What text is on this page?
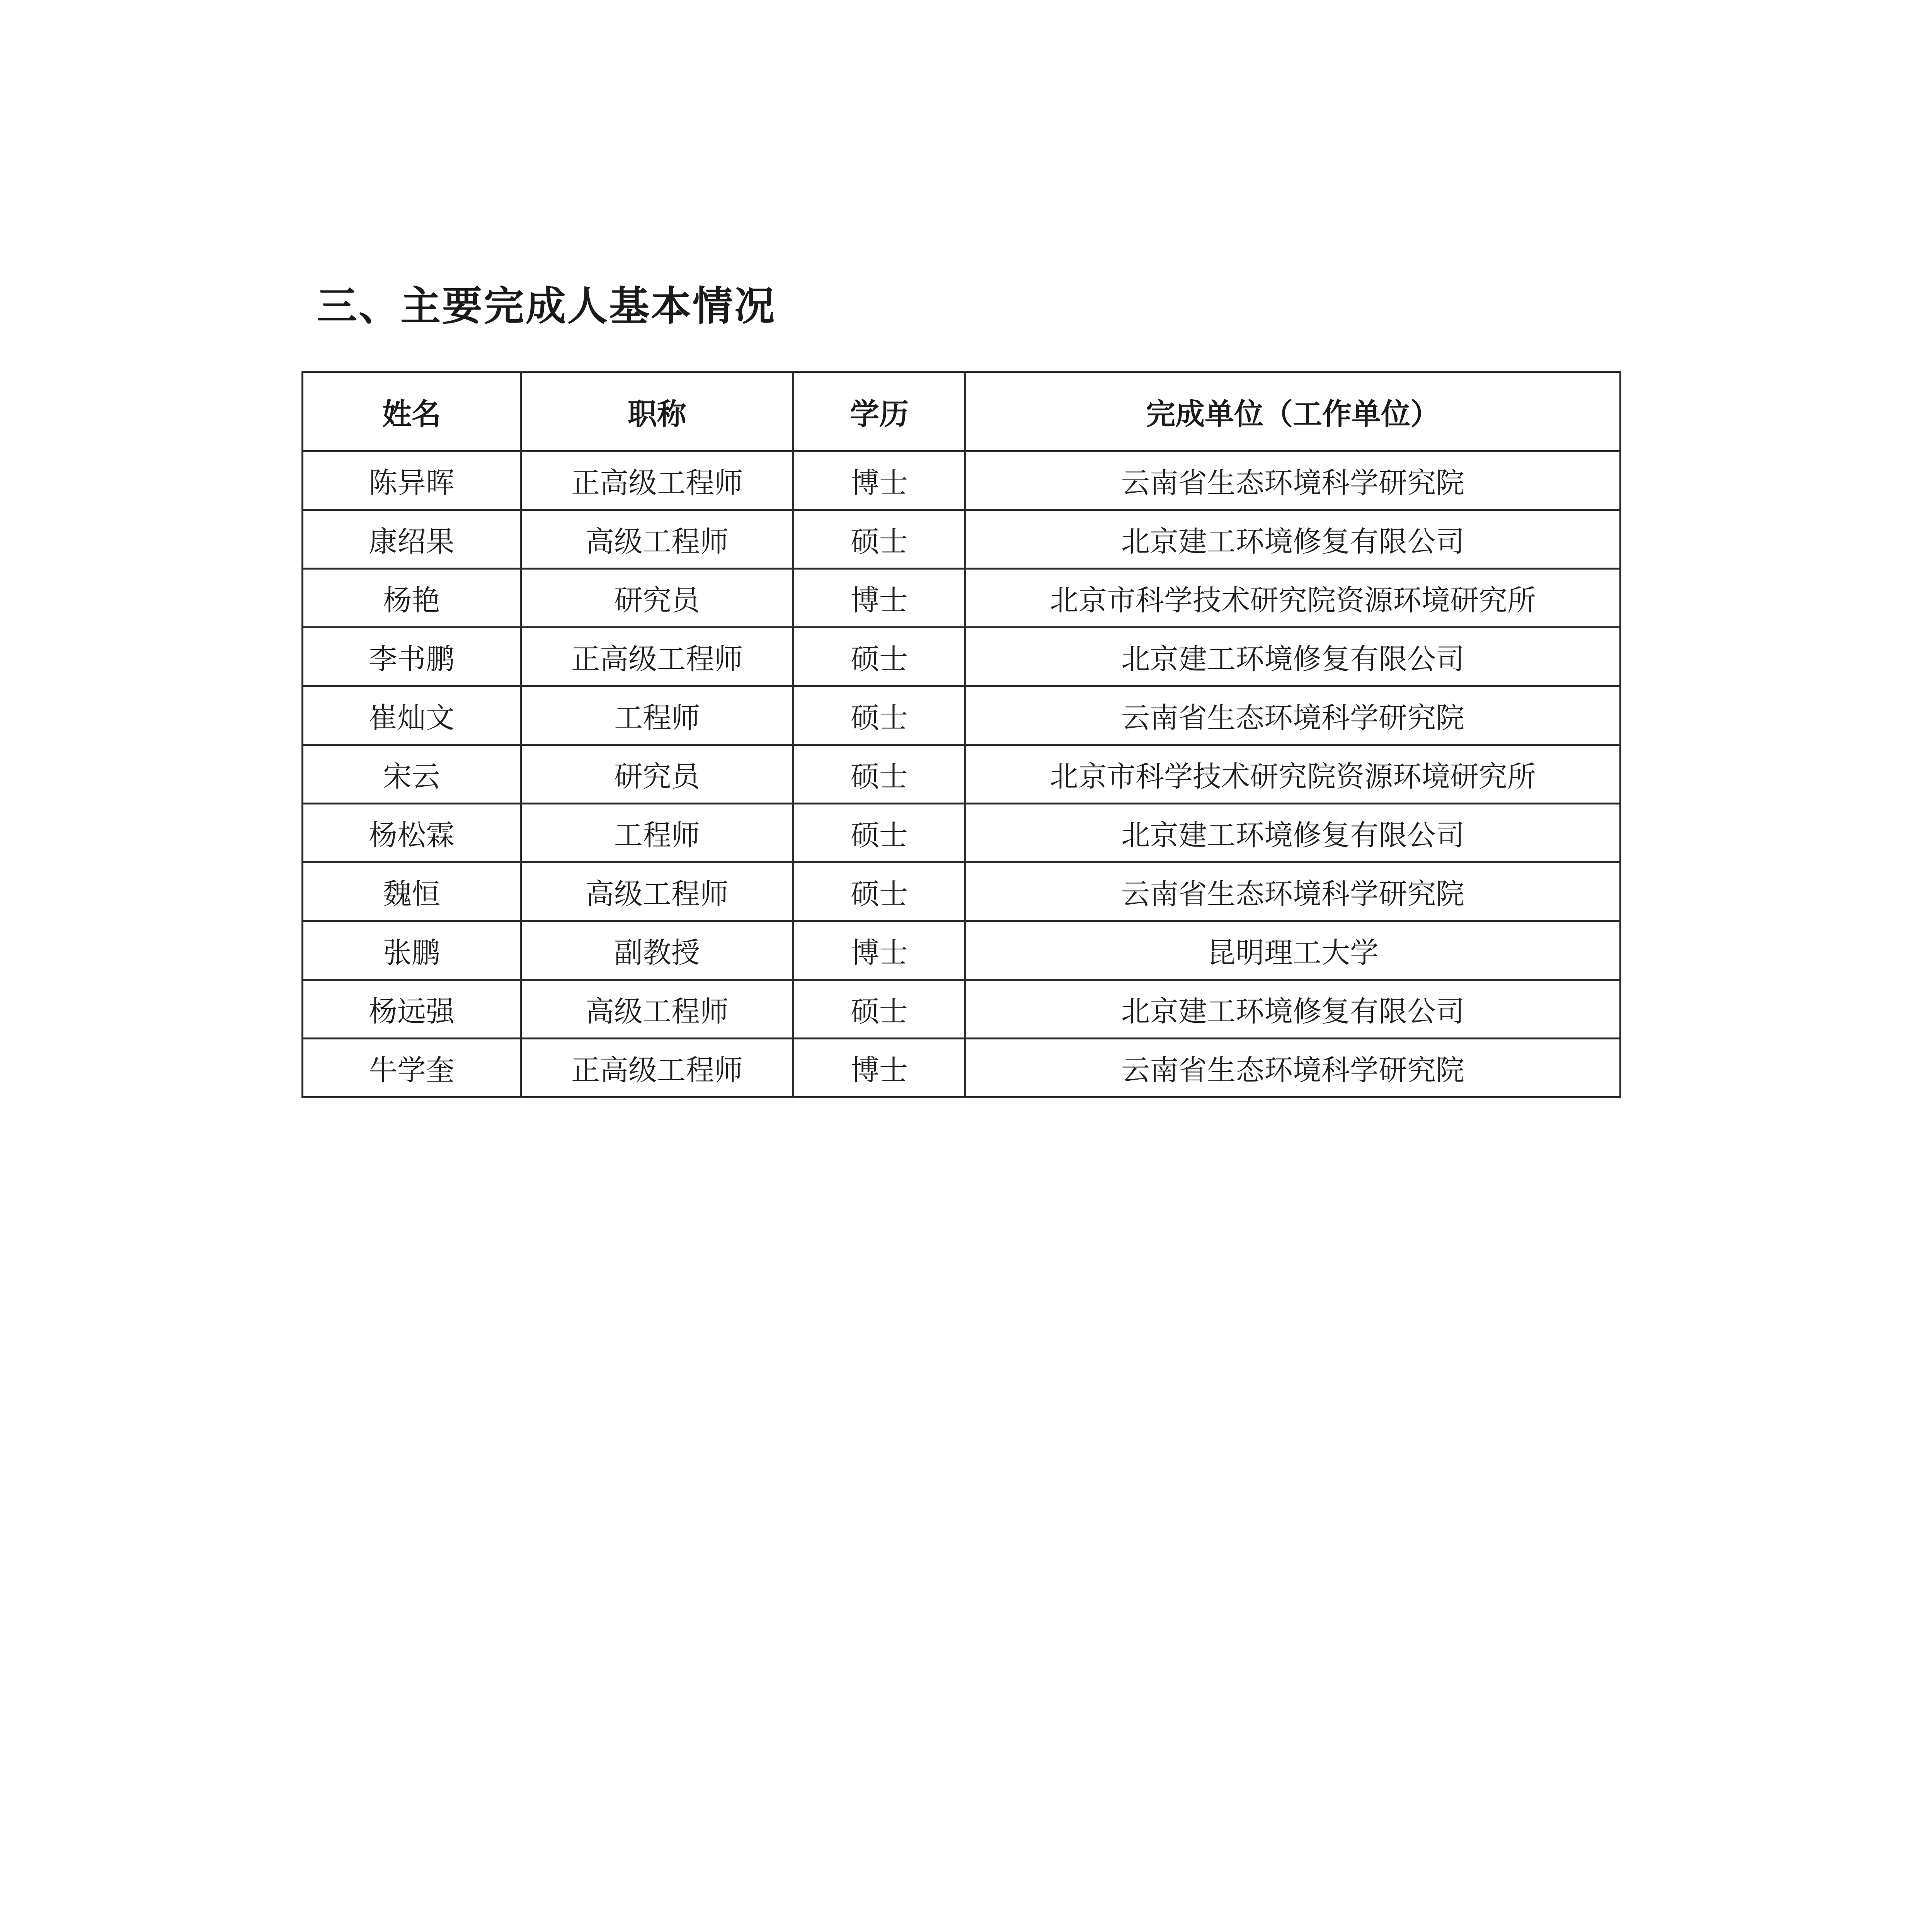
三、主要完成人基本情况
姓名	职称	学历	完成单位（工作单位）
陈异晖	正高级工程师	博士	云南省生态环境科学研究院
康绍果	高级工程师	硕士	北京建工环境修复有限公司
杨艳	研究员	博士	北京市科学技术研究院资源环境研究所
李书鹏	正高级工程师	硕士	北京建工环境修复有限公司
崔灿文	工程师	硕士	云南省生态环境科学研究院
宋云	研究员	硕士	北京市科学技术研究院资源环境研究所
杨松霖	工程师	硕士	北京建工环境修复有限公司
魏恒	高级工程师	硕士	云南省生态环境科学研究院
张鹏	副教授	博士	昆明理工大学
杨远强	高级工程师	硕士	北京建工环境修复有限公司
牛学奎	正高级工程师	博士	云南省生态环境科学研究院
